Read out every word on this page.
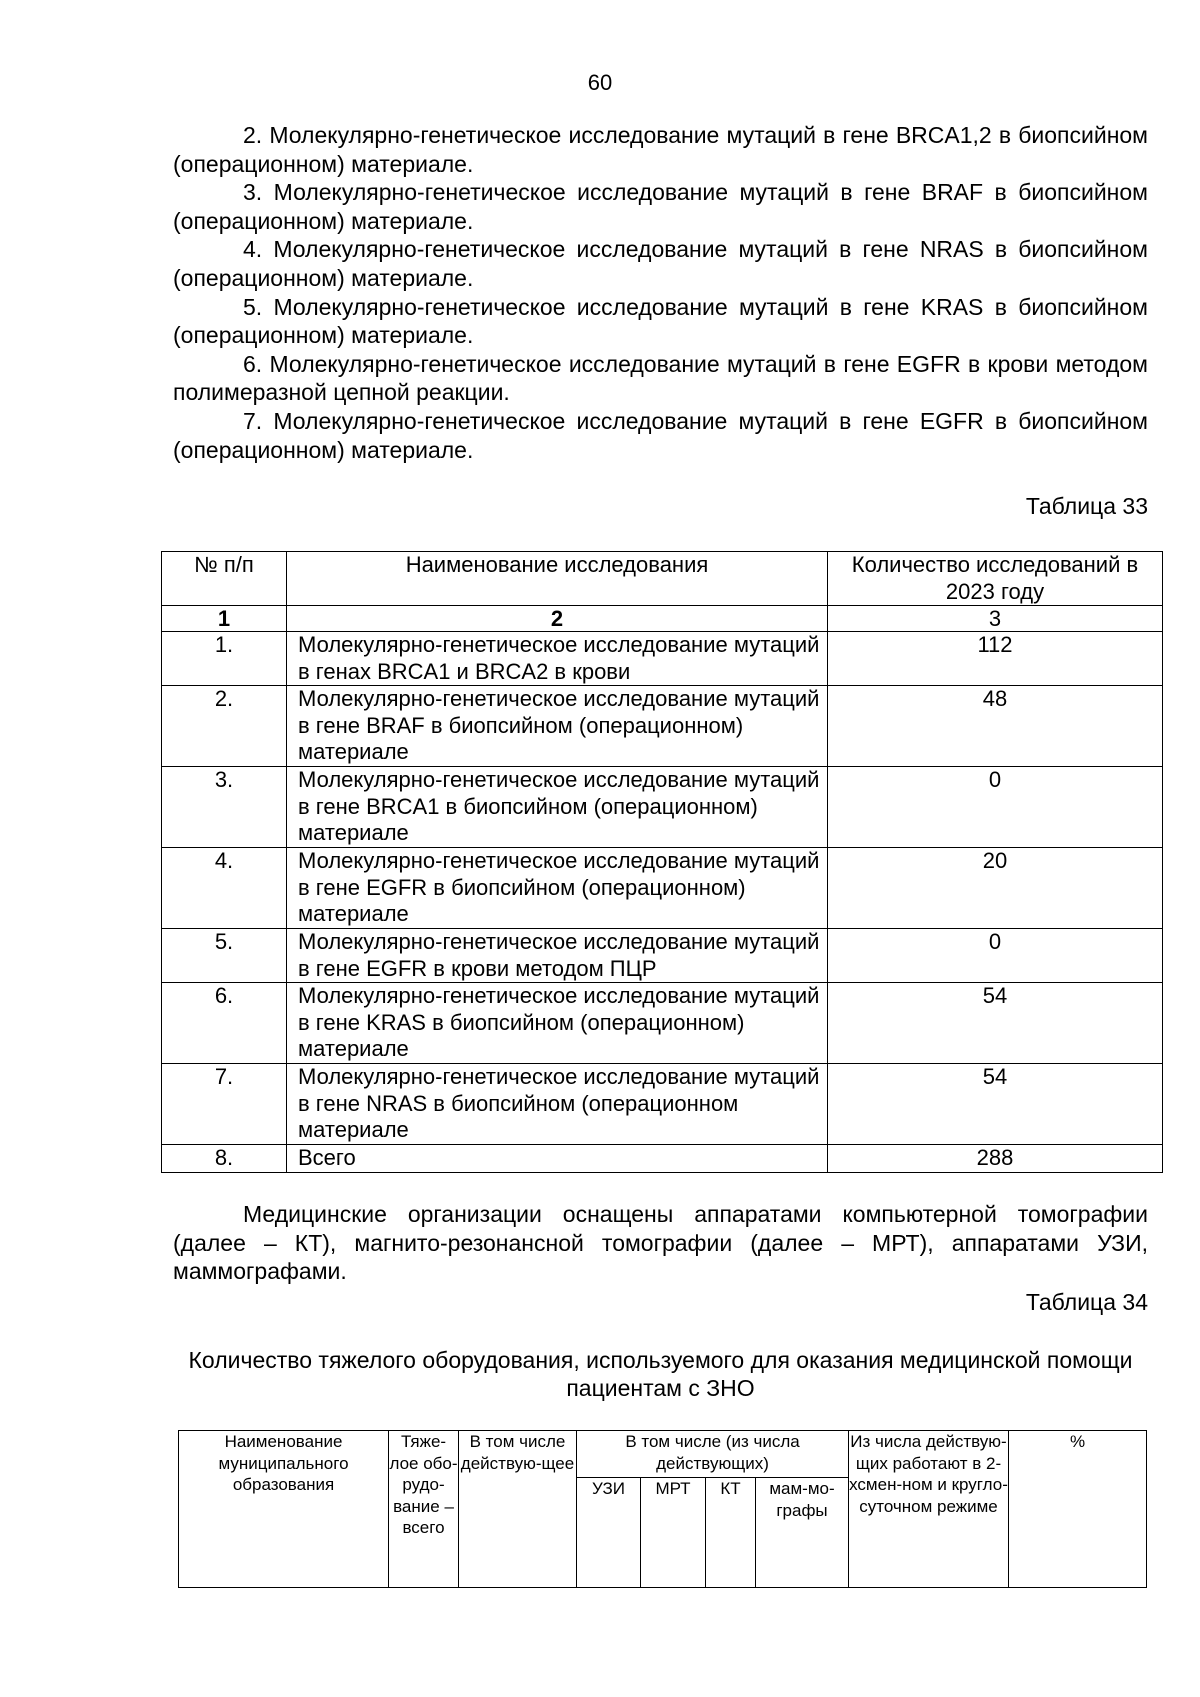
60

2. Молекулярно-генетическое исследование мутаций в гене BRCA1,2 в биопсийном (операционном) материале.

3. Молекулярно-генетическое исследование мутаций в гене BRAF в биопсийном (операционном) материале.

4. Молекулярно-генетическое исследование мутаций в гене NRAS в биопсийном (операционном) материале.

5. Молекулярно-генетическое исследование мутаций в гене KRAS в биопсийном (операционном) материале.

6. Молекулярно-генетическое исследование мутаций в гене EGFR в крови методом полимеразной цепной реакции.

7. Молекулярно-генетическое исследование мутаций в гене EGFR в биопсийном (операционном) материале.

Таблица 33
№ п/п	Наименование исследования	Количество исследований в 2023 году
1	2	3
1.	Молекулярно-генетическое исследование мутаций в генах BRCA1 и BRCA2 в крови	112
2.	Молекулярно-генетическое исследование мутаций в гене BRAF в биопсийном (операционном) материале	48
3.	Молекулярно-генетическое исследование мутаций в гене BRCA1 в биопсийном (операционном) материале	0
4.	Молекулярно-генетическое исследование мутаций в гене EGFR в биопсийном (операционном) материале	20
5.	Молекулярно-генетическое исследование мутаций в гене EGFR в крови методом ПЦР	0
6.	Молекулярно-генетическое исследование мутаций в гене KRAS в биопсийном (операционном) материале	54
7.	Молекулярно-генетическое исследование мутаций в гене NRAS в биопсийном (операционном материале	54
8.	Всего	288

Медицинские организации оснащены аппаратами компьютерной томографии (далее – КТ), магнито-резонансной томографии (далее – МРТ), аппаратами УЗИ, маммографами.

Таблица 34
Количество тяжелого оборудования, используемого для оказания медицинской помощи пациентам с ЗНО
Наименование муниципального образования	Тяже-лое обо-рудо-вание – всего	В том числе действую-щее	В том числе (из числа действующих)				Из числа действую-щих работают в 2-хсмен-ном и кругло-суточном режиме	%
			УЗИ	МРТ	КТ	мам-мо-графы		
